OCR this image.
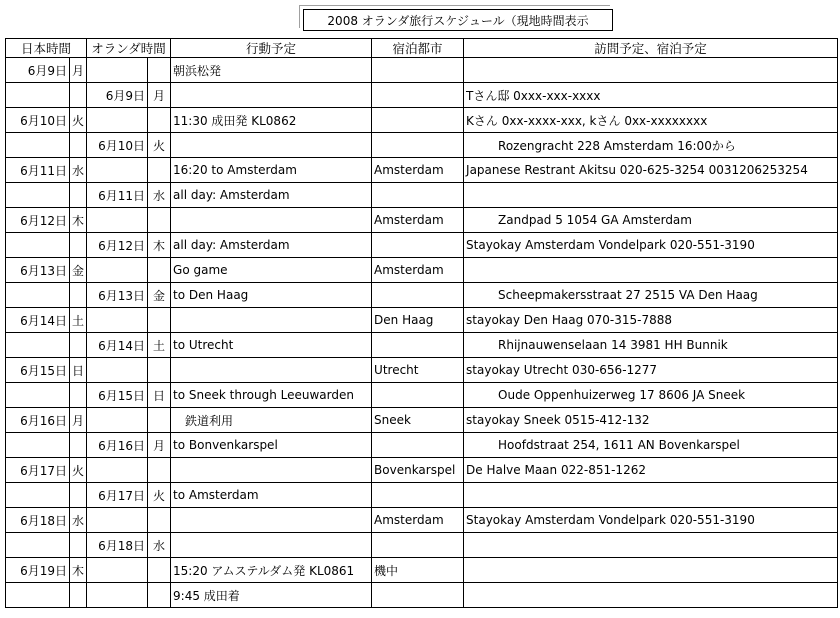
2008 オランダ旅行スケジュール（現地時間表示
日本時間		オランダ時間		行動予定	宿泊都市	訪問予定、宿泊予定
6月9日	月			朝浜松発		
		6月9日	月			Tさん邸 0xxx-xxx-xxxx
6月10日	火			11:30 成田発 KL0862		Kさん 0xx-xxxx-xxx, kさん 0xx-xxxxxxxx
		6月10日	火			Rozengracht 228 Amsterdam 16:00から
6月11日	水			16:20 to Amsterdam	Amsterdam	Japanese Restrant Akitsu 020-625-3254 0031206253254
		6月11日	水	all day: Amsterdam		
6月12日	木				Amsterdam	Zandpad 5 1054 GA Amsterdam
		6月12日	木	all day: Amsterdam		Stayokay Amsterdam Vondelpark 020-551-3190
6月13日	金			Go game	Amsterdam	
		6月13日	金	to Den Haag		Scheepmakersstraat 27 2515 VA Den Haag
6月14日	土				Den Haag	stayokay Den Haag 070-315-7888
		6月14日	土	to Utrecht		Rhijnauwenselaan 14 3981 HH Bunnik
6月15日	日				Utrecht	stayokay Utrecht 030-656-1277
		6月15日	日	to Sneek through Leeuwarden		Oude Oppenhuizerweg 17 8606 JA Sneek
6月16日	月			鉄道利用	Sneek	stayokay Sneek 0515-412-132
		6月16日	月	to Bonvenkarspel		Hoofdstraat 254, 1611 AN Bovenkarspel
6月17日	火				Bovenkarspel	De Halve Maan 022-851-1262
		6月17日	火	to Amsterdam		
6月18日	水				Amsterdam	Stayokay Amsterdam Vondelpark 020-551-3190
		6月18日	水			
6月19日	木			15:20 アムステルダム発 KL0861	機中	
				9:45 成田着		
